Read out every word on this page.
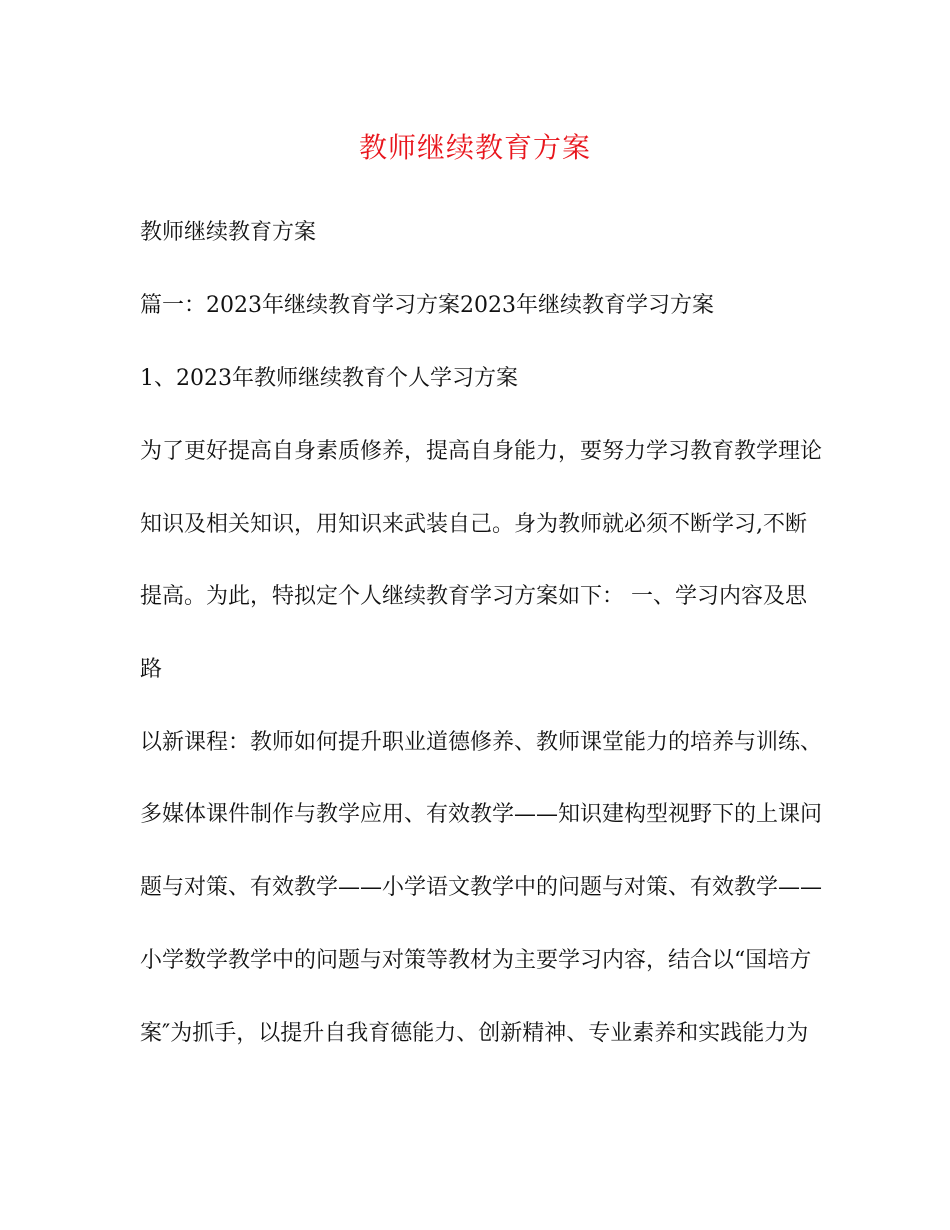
教师继续教育方案
教师继续教育方案
篇一：2023年继续教育学习方案2023年继续教育学习方案
1、2023年教师继续教育个人学习方案
为了更好提高自身素质修养，提高自身能力，要努力学习教育教学理论
知识及相关知识，用知识来武装自己。身为教师就必须不断学习,不断
提高。为此，特拟定个人继续教育学习方案如下： 一、学习内容及思
路
以新课程：教师如何提升职业道德修养、教师课堂能力的培养与训练、
多媒体课件制作与教学应用、有效教学——知识建构型视野下的上课问
题与对策、有效教学——小学语文教学中的问题与对策、有效教学——
小学数学教学中的问题与对策等教材为主要学习内容，结合以“国培方
案″为抓手，以提升自我育德能力、创新精神、专业素养和实践能力为
